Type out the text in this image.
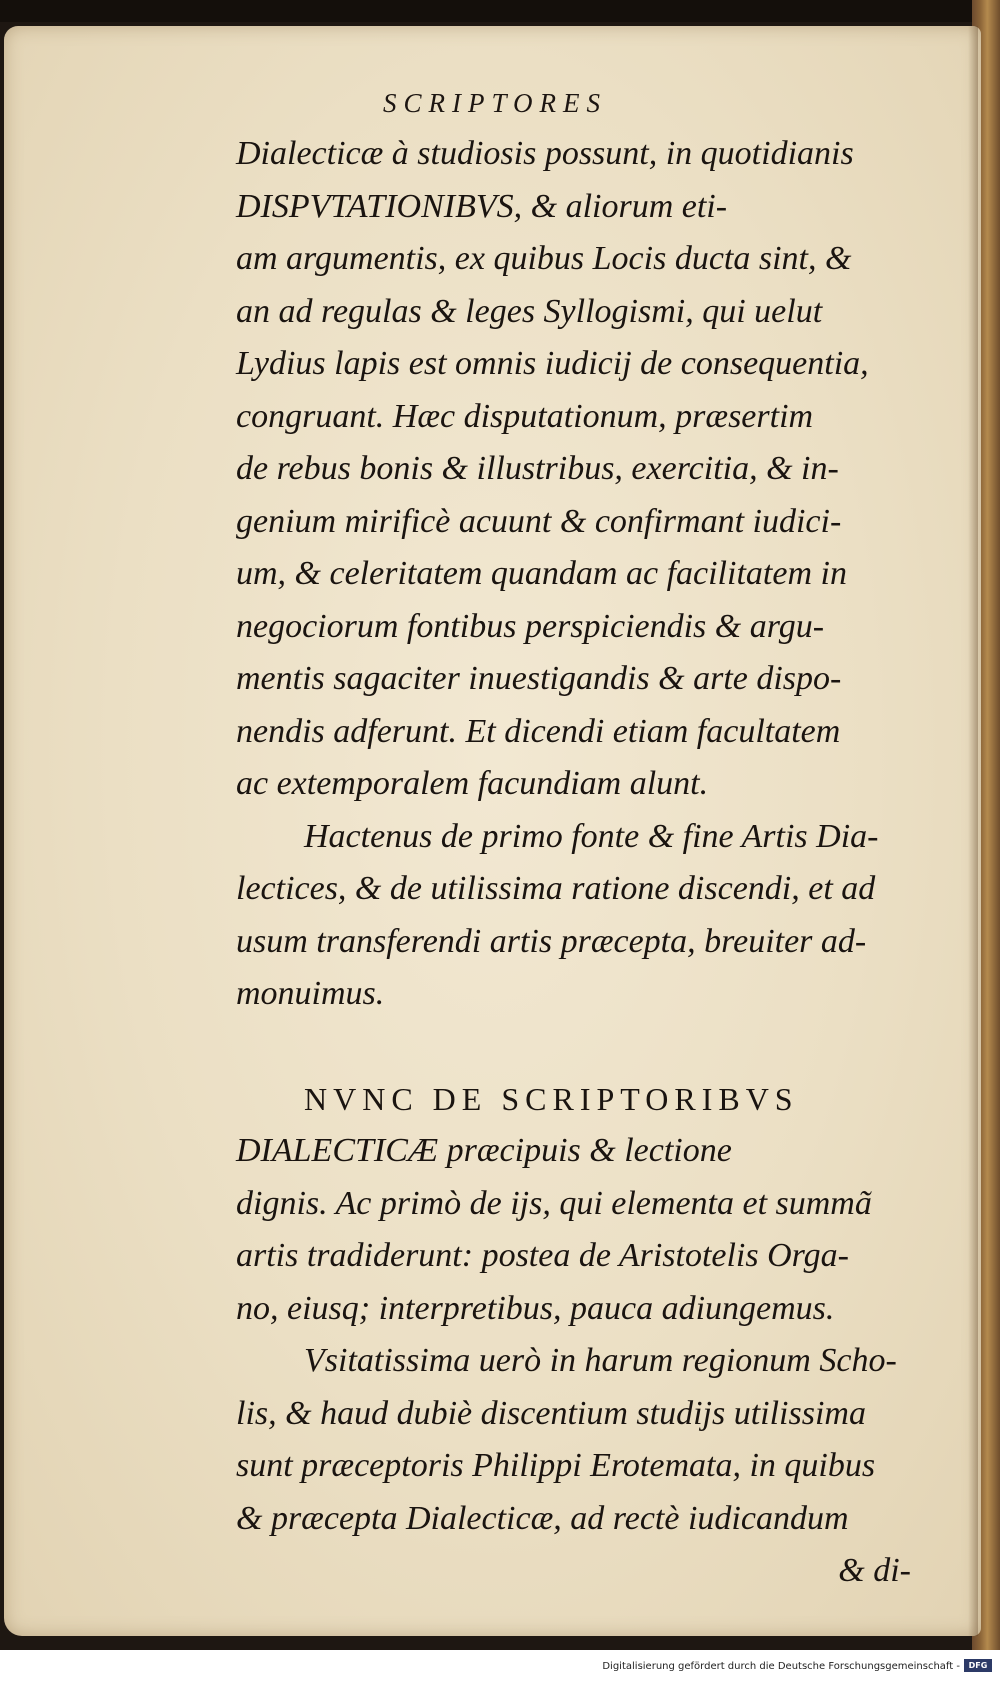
SCRIPTORES
Dialecticæ à studiosis possunt, in quotidianis
DISPVTATIONIBVS, & aliorum eti-
am argumentis, ex quibus Locis ducta sint, &
an ad regulas & leges Syllogismi, qui uelut
Lydius lapis est omnis iudicij de consequentia,
congruant. Hæc disputationum, præsertim
de rebus bonis & illustribus, exercitia, & in-
genium mirificè acuunt & confirmant iudici-
um, & celeritatem quandam ac facilitatem in
negociorum fontibus perspiciendis & argu-
mentis sagaciter inuestigandis & arte dispo-
nendis adferunt. Et dicendi etiam facultatem
ac extemporalem facundiam alunt.
Hactenus de primo fonte & fine Artis Dia-
lectices, & de utilissima ratione discendi, et ad
usum transferendi artis præcepta, breuiter ad-
monuimus.
NVNC DE SCRIPTORIBVS
DIALECTICÆ præcipuis & lectione
dignis. Ac primò de ijs, qui elementa et summã
artis tradiderunt: postea de Aristotelis Orga-
no, eiusq; interpretibus, pauca adiungemus.
Vsitatissima uerò in harum regionum Scho-
lis, & haud dubiè discentium studijs utilissima
sunt præceptoris Philippi Erotemata, in quibus
& præcepta Dialecticæ, ad rectè iudicandum
& di-
Digitalisierung gefördert durch die Deutsche Forschungsgemeinschaft -	DFG
